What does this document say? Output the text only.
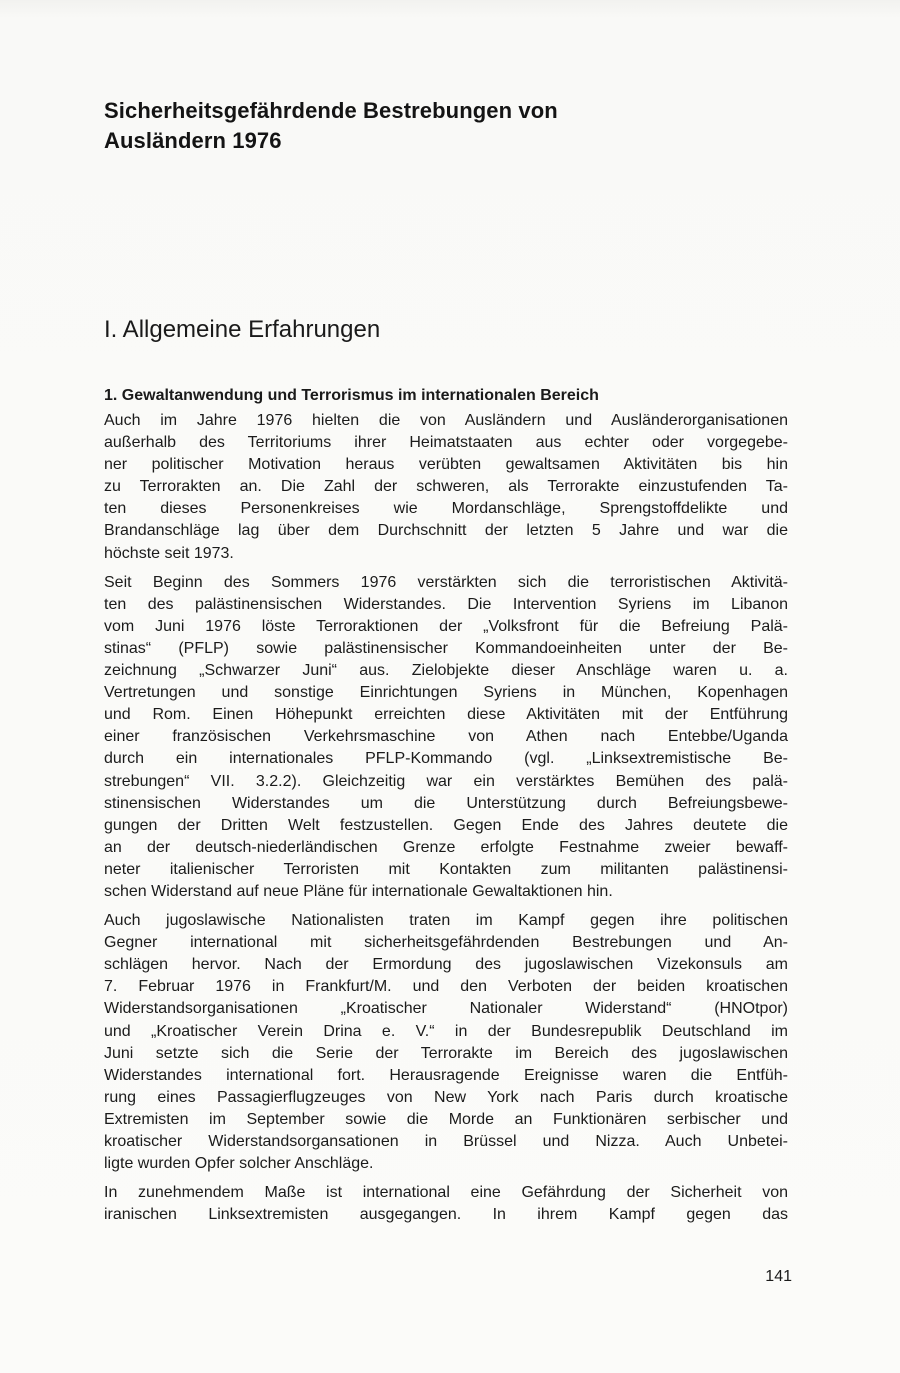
Sicherheitsgefährdende Bestrebungen von
Ausländern 1976
I. Allgemeine Erfahrungen
1. Gewaltanwendung und Terrorismus im internationalen Bereich

Auch im Jahre 1976 hielten die von Ausländern und Ausländerorganisationen
außerhalb des Territoriums ihrer Heimatstaaten aus echter oder vorgegebe-
ner politischer Motivation heraus verübten gewaltsamen Aktivitäten bis hin
zu Terrorakten an. Die Zahl der schweren, als Terrorakte einzustufenden Ta-
ten dieses Personenkreises wie Mordanschläge, Sprengstoffdelikte und
Brandanschläge lag über dem Durchschnitt der letzten 5 Jahre und war die
höchste seit 1973.

Seit Beginn des Sommers 1976 verstärkten sich die terroristischen Aktivitä-
ten des palästinensischen Widerstandes. Die Intervention Syriens im Libanon
vom Juni 1976 löste Terroraktionen der „Volksfront für die Befreiung Palä-
stinas“ (PFLP) sowie palästinensischer Kommandoeinheiten unter der Be-
zeichnung „Schwarzer Juni“ aus. Zielobjekte dieser Anschläge waren u. a.
Vertretungen und sonstige Einrichtungen Syriens in München, Kopenhagen
und Rom. Einen Höhepunkt erreichten diese Aktivitäten mit der Entführung
einer französischen Verkehrsmaschine von Athen nach Entebbe/Uganda
durch ein internationales PFLP-Kommando (vgl. „Linksextremistische Be-
strebungen“ VII. 3.2.2). Gleichzeitig war ein verstärktes Bemühen des palä-
stinensischen Widerstandes um die Unterstützung durch Befreiungsbewe-
gungen der Dritten Welt festzustellen. Gegen Ende des Jahres deutete die
an der deutsch-niederländischen Grenze erfolgte Festnahme zweier bewaff-
neter italienischer Terroristen mit Kontakten zum militanten palästinensi-
schen Widerstand auf neue Pläne für internationale Gewaltaktionen hin.

Auch jugoslawische Nationalisten traten im Kampf gegen ihre politischen
Gegner international mit sicherheitsgefährdenden Bestrebungen und An-
schlägen hervor. Nach der Ermordung des jugoslawischen Vizekonsuls am
7. Februar 1976 in Frankfurt/M. und den Verboten der beiden kroatischen
Widerstandsorganisationen „Kroatischer Nationaler Widerstand“ (HNOtpor)
und „Kroatischer Verein Drina e. V.“ in der Bundesrepublik Deutschland im
Juni setzte sich die Serie der Terrorakte im Bereich des jugoslawischen
Widerstandes international fort. Herausragende Ereignisse waren die Entfüh-
rung eines Passagierflugzeuges von New York nach Paris durch kroatische
Extremisten im September sowie die Morde an Funktionären serbischer und
kroatischer Widerstandsorgansationen in Brüssel und Nizza. Auch Unbetei-
ligte wurden Opfer solcher Anschläge.

In zunehmendem Maße ist international eine Gefährdung der Sicherheit von
iranischen Linksextremisten ausgegangen. In ihrem Kampf gegen das

141
